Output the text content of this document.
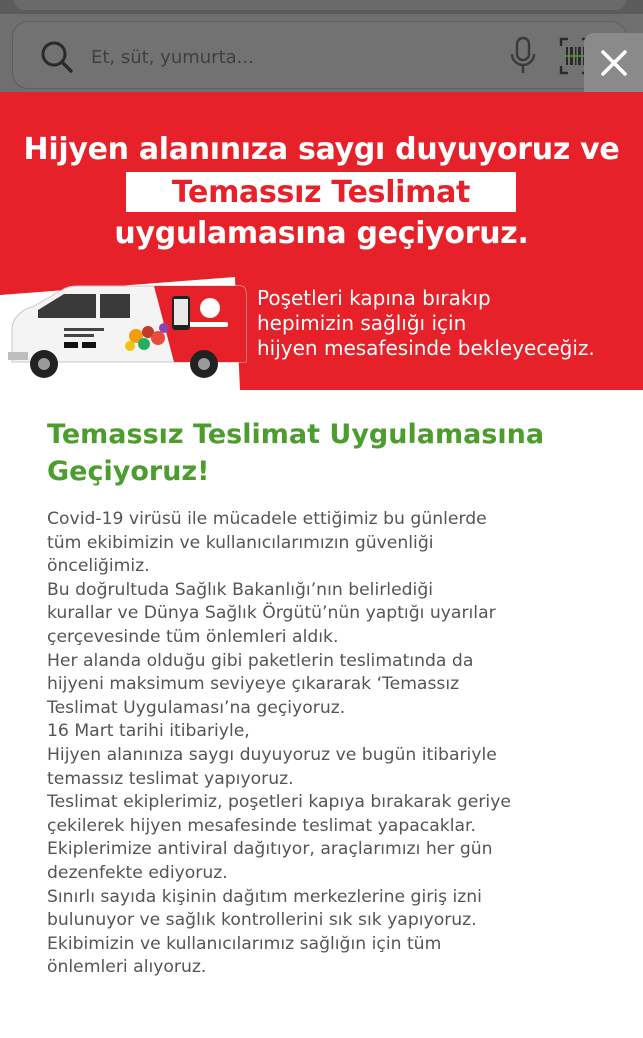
Et, süt, yumurta...
Hijyen alanınıza saygı duyuyoruz ve
Temassız Teslimat
uygulamasına geçiyoruz.
Poşetleri kapına bırakıp
hepimizin sağlığı için
hijyen mesafesinde bekleyeceğiz.
Temassız Teslimat Uygulamasına
Geçiyoruz!

Covid-19 virüsü ile mücadele ettiğimiz bu günlerde

tüm ekibimizin ve kullanıcılarımızın güvenliği

önceliğimiz.

Bu doğrultuda Sağlık Bakanlığı’nın belirlediği

kurallar ve Dünya Sağlık Örgütü’nün yaptığı uyarılar

çerçevesinde tüm önlemleri aldık.

Her alanda olduğu gibi paketlerin teslimatında da

hijyeni maksimum seviyeye çıkararak ‘Temassız

Teslimat Uygulaması’na geçiyoruz.

16 Mart tarihi itibariyle,

Hijyen alanınıza saygı duyuyoruz ve bugün itibariyle

temassız teslimat yapıyoruz.

Teslimat ekiplerimiz, poşetleri kapıya bırakarak geriye

çekilerek hijyen mesafesinde teslimat yapacaklar.

Ekiplerimize antiviral dağıtıyor, araçlarımızı her gün

dezenfekte ediyoruz.

Sınırlı sayıda kişinin dağıtım merkezlerine giriş izni

bulunuyor ve sağlık kontrollerini sık sık yapıyoruz.

Ekibimizin ve kullanıcılarımız sağlığın için tüm

önlemleri alıyoruz.
